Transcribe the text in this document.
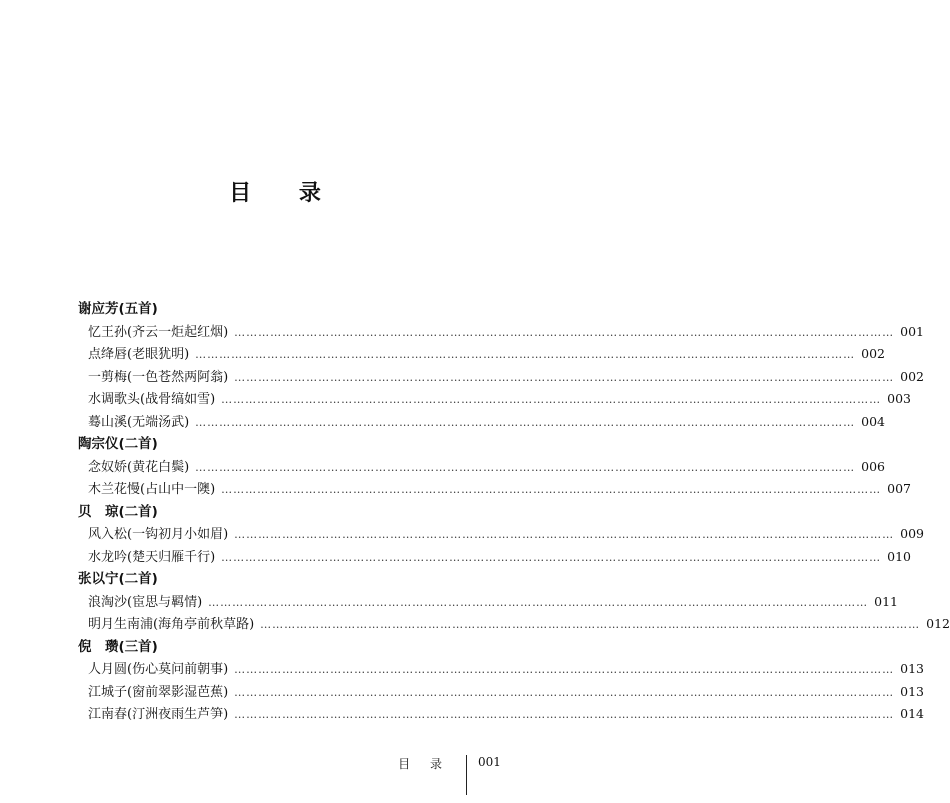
目 录
谢应芳(五首)
忆王孙(齐云一炬起红烟) ………………………………………………………………………………………………………………………………………………… 001
点绛唇(老眼犹明) ………………………………………………………………………………………………………………………………………………… 002
一剪梅(一色苍然两阿翁) ………………………………………………………………………………………………………………………………………………… 002
水调歌头(战骨缟如雪) ………………………………………………………………………………………………………………………………………………… 003
蓦山溪(无端汤武) ………………………………………………………………………………………………………………………………………………… 004
陶宗仪(二首)
念奴娇(黄花白鬓) ………………………………………………………………………………………………………………………………………………… 006
木兰花慢(占山中一隩) ………………………………………………………………………………………………………………………………………………… 007
贝　琼(二首)
风入松(一钩初月小如眉) ………………………………………………………………………………………………………………………………………………… 009
水龙吟(楚天归雁千行) ………………………………………………………………………………………………………………………………………………… 010
张以宁(二首)
浪淘沙(宦思与羁情) ………………………………………………………………………………………………………………………………………………… 011
明月生南浦(海角亭前秋草路) ………………………………………………………………………………………………………………………………………………… 012
倪　瓒(三首)
人月圆(伤心莫问前朝事) ………………………………………………………………………………………………………………………………………………… 013
江城子(窗前翠影湿芭蕉) ………………………………………………………………………………………………………………………………………………… 013
江南春(汀洲夜雨生芦笋) ………………………………………………………………………………………………………………………………………………… 014
目 录 001
